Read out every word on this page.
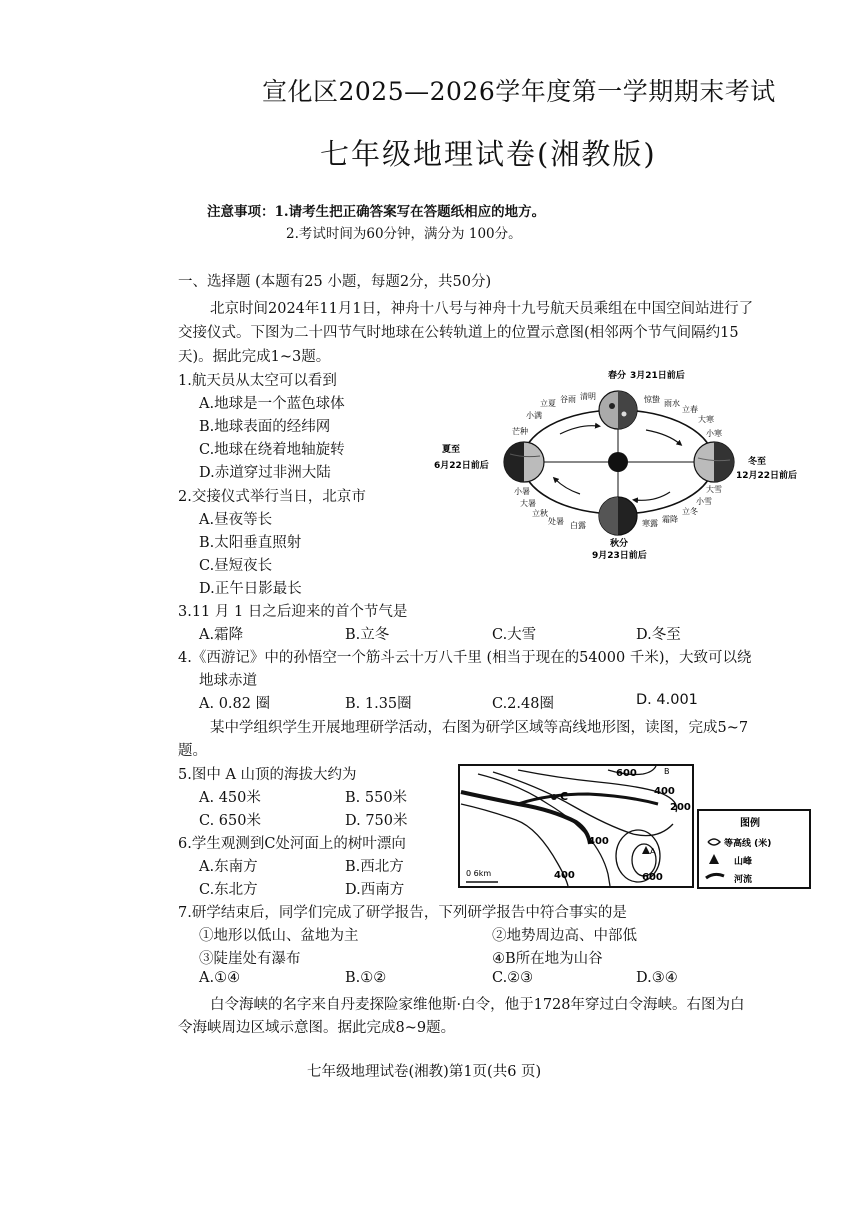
宣化区2025—2026学年度第一学期期末考试
七年级地理试卷(湘教版)
注意事项：1.请考生把正确答案写在答题纸相应的地方。
2.考试时间为60分钟，满分为 100分。
一、选择题 (本题有25 小题，每题2分，共50分)
北京时间2024年11月1日，神舟十八号与神舟十九号航天员乘组在中国空间站进行了
交接仪式。下图为二十四节气时地球在公转轨道上的位置示意图(相邻两个节气间隔约15
天)。据此完成1~3题。
1.航天员从太空可以看到
A.地球是一个蓝色球体
B.地球表面的经纬网
C.地球在绕着地轴旋转
D.赤道穿过非洲大陆
2.交接仪式举行当日，北京市
A.昼夜等长
B.太阳垂直照射
C.昼短夜长
D.正午日影最长
3.11 月 1 日之后迎来的首个节气是
A.霜降	B.立冬	C.大雪	D.冬至
4.《西游记》中的孙悟空一个筋斗云十万八千里 (相当于现在的54000 千米)，大致可以绕
地球赤道
A. 0.82 圈	B. 1.35圈	C.2.48圈	D. 4.001
某中学组织学生开展地理研学活动，右图为研学区域等高线地形图，读图，完成5~7
题。
5.图中 A 山顶的海拔大约为
A. 450米	B. 550米
C. 650米	D. 750米
6.学生观测到C处河面上的树叶漂向
A.东南方	B.西北方
C.东北方	D.西南方
7.研学结束后，同学们完成了研学报告，下列研学报告中符合事实的是
①地形以低山、盆地为主	②地势周边高、中部低
③陡崖处有瀑布	④B所在地为山谷
A.①④	B.①②	C.②③	D.③④
白令海峡的名字来自丹麦探险家维他斯·白令，他于1728年穿过白令海峡。右图为白
令海峡周边区域示意图。据此完成8~9题。
七年级地理试卷(湘教)第1页(共6 页)
春分 3月21日前后
夏至
6月22日前后
秋分
9月23日前后
冬至
12月22日前后
立夏 谷雨 清明
小满
芒种
惊蛰 雨水
立春
大寒
小寒
小暑
大暑
立秋
处暑 白露	寒露 霜降
立冬
小雪
大雪
C
A
B
600
400
200
400
400	600
0 6km
图例
等高线 (米)
山峰
河流
